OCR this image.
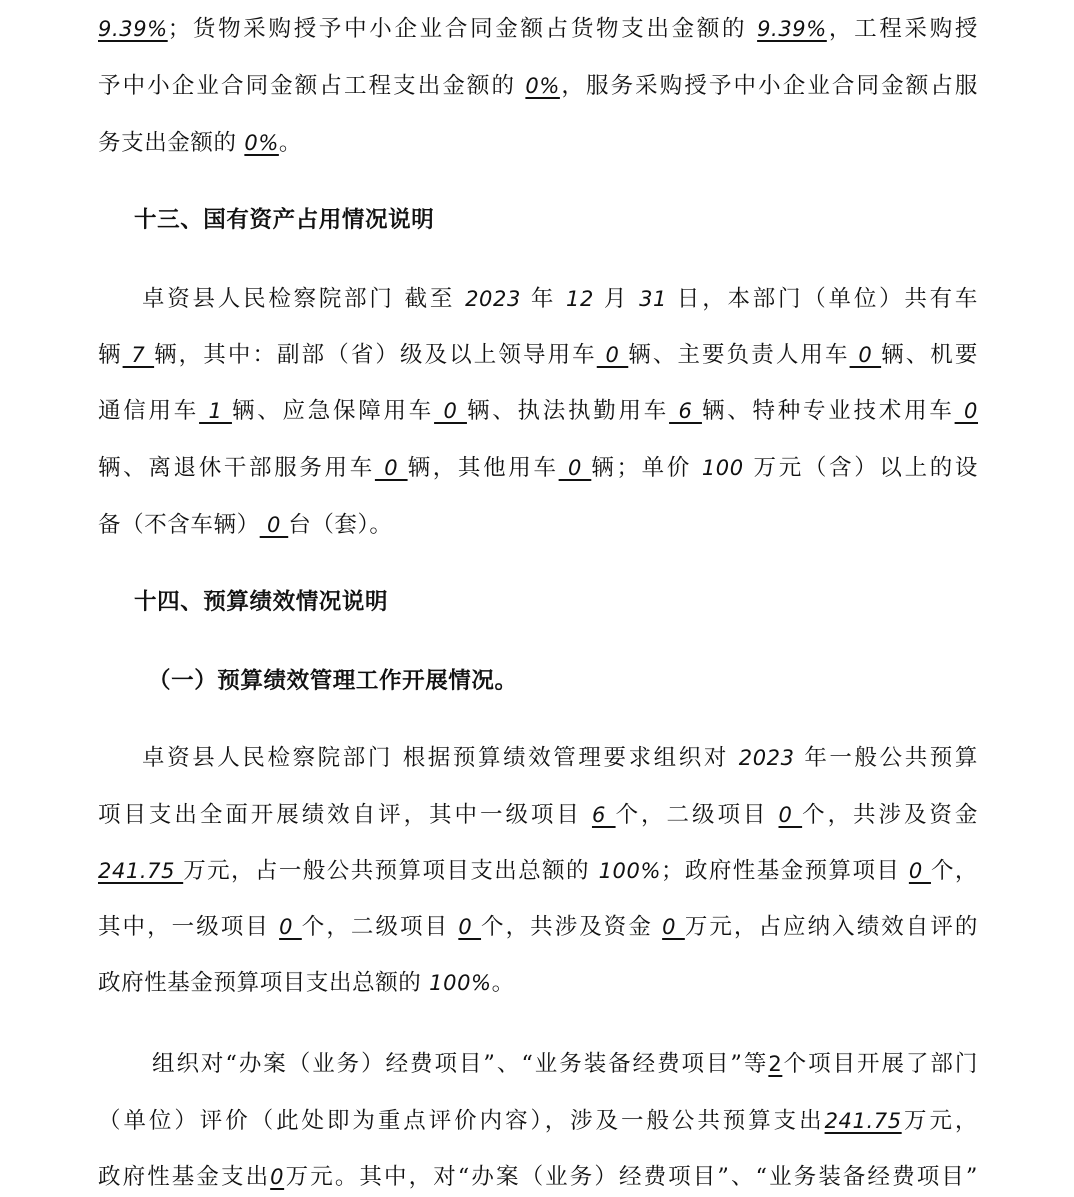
9.39%；货物采购授予中小企业合同金额占货物支出金额的 9.39%，工程采购授
予中小企业合同金额占工程支出金额的 0%，服务采购授予中小企业合同金额占服
务支出金额的 0%。
十三、国有资产占用情况说明
卓资县人民检察院部门 截至 2023 年 12 月 31 日，本部门（单位）共有车
辆 7 辆，其中：副部（省）级及以上领导用车 0 辆、主要负责人用车 0 辆、机要
通信用车 1 辆、应急保障用车 0 辆、执法执勤用车 6 辆、特种专业技术用车 0
辆、离退休干部服务用车 0 辆，其他用车 0 辆；单价 100 万元（含）以上的设
备（不含车辆） 0 台（套）。
十四、预算绩效情况说明
（一）预算绩效管理工作开展情况。
卓资县人民检察院部门 根据预算绩效管理要求组织对 2023 年一般公共预算
项目支出全面开展绩效自评，其中一级项目 6 个，二级项目 0 个，共涉及资金
241.75 万元，占一般公共预算项目支出总额的 100%；政府性基金预算项目 0 个，
其中，一级项目 0 个，二级项目 0 个，共涉及资金 0 万元，占应纳入绩效自评的
政府性基金预算项目支出总额的 100%。
组织对“办案（业务）经费项目”、“业务装备经费项目”等2个项目开展了部门
（单位）评价（此处即为重点评价内容），涉及一般公共预算支出241.75万元，
政府性基金支出0万元。其中，对“办案（业务）经费项目”、“业务装备经费项目”
